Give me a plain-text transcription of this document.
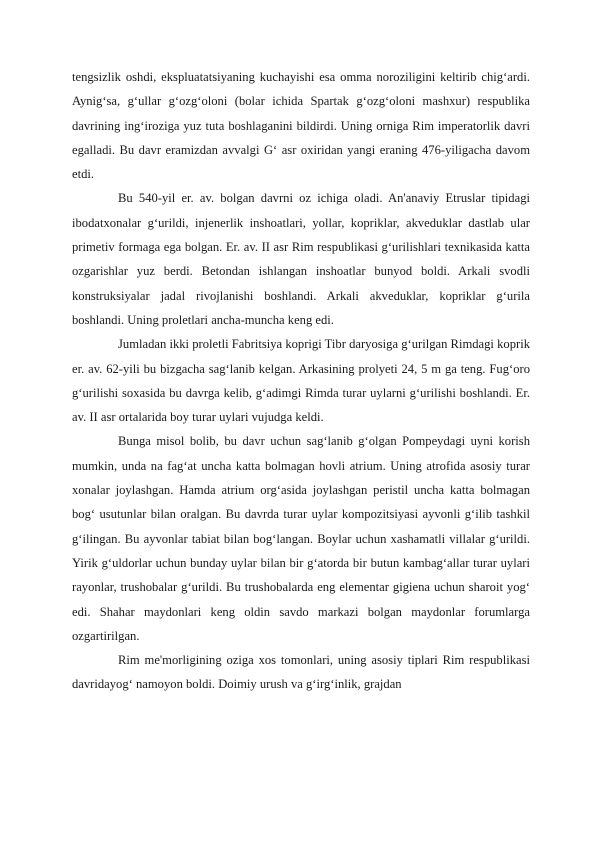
tengsizlik oshdi, ekspluatatsiyaning kuchayishi esa omma noroziligini keltirib chig‘ardi. Aynig‘sa, g‘ullar g‘ozg‘oloni (bolar ichida Spartak g‘ozg‘oloni mashxur) respublika davrining ing‘iroziga yuz tuta boshlaganini bildirdi. Uning orniga Rim imperatorlik davri egalladi. Bu davr eramizdan avvalgi G‘ asr oxiridan yangi eraning 476-yiligacha davom etdi.

Bu 540-yil er. av. bolgan davrni oz ichiga oladi. An'anaviy Etruslar tipidagi ibodatxonalar g‘urildi, injenerlik inshoatlari, yollar, kopriklar, akveduklar dastlab ular primetiv formaga ega bolgan. Er. av. II asr Rim respublikasi g‘urilishlari texnikasida katta ozgarishlar yuz berdi. Betondan ishlangan inshoatlar bunyod boldi. Arkali svodli konstruksiyalar jadal rivojlanishi boshlandi. Arkali akveduklar, kopriklar g‘urila boshlandi. Uning proletlari ancha-muncha keng edi.

Jumladan ikki proletli Fabritsiya koprigi Tibr daryosiga g‘urilgan Rimdagi koprik er. av. 62-yili bu bizgacha sag‘lanib kelgan. Arkasining prolyeti 24, 5 m ga teng. Fug‘oro g‘urilishi soxasida bu davrga kelib, g‘adimgi Rimda turar uylarni g‘urilishi boshlandi. Er. av. II asr ortalarida boy turar uylari vujudga keldi.

Bunga misol bolib, bu davr uchun sag‘lanib g‘olgan Pompeydagi uyni korish mumkin, unda na fag‘at uncha katta bolmagan hovli atrium. Uning atrofida asosiy turar xonalar joylashgan. Hamda atrium org‘asida joylashgan peristil uncha katta bolmagan bog‘ usutunlar bilan oralgan. Bu davrda turar uylar kompozitsiyasi ayvonli g‘ilib tashkil g‘ilingan. Bu ayvonlar tabiat bilan bog‘langan. Boylar uchun xashamatli villalar g‘urildi. Yirik g‘uldorlar uchun bunday uylar bilan bir g‘atorda bir butun kambag‘allar turar uylari rayonlar, trushobalar g‘urildi. Bu trushobalarda eng elementar gigiena uchun sharoit yog‘ edi. Shahar maydonlari keng oldin savdo markazi bolgan maydonlar forumlarga ozgartirilgan.

Rim me'morligining oziga xos tomonlari, uning asosiy tiplari Rim respublikasi davridayog‘ namoyon boldi. Doimiy urush va g‘irg‘inlik, grajdan
